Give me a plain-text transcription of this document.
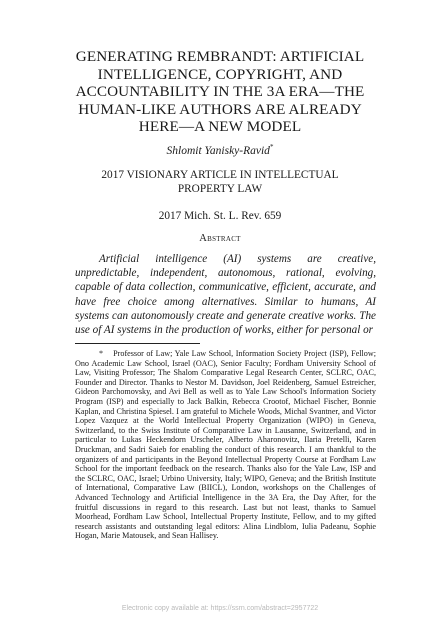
GENERATING REMBRANDT: ARTIFICIAL INTELLIGENCE, COPYRIGHT, AND ACCOUNTABILITY IN THE 3A ERA—THE HUMAN-LIKE AUTHORS ARE ALREADY HERE—A NEW MODEL
Shlomit Yanisky-Ravid*
2017 VISIONARY ARTICLE IN INTELLECTUAL PROPERTY LAW
2017 Mich. St. L. Rev. 659
Abstract

Artificial intelligence (AI) systems are creative, unpredictable, independent, autonomous, rational, evolving, capable of data collection, communicative, efficient, accurate, and have free choice among alternatives. Similar to humans, AI systems can autonomously create and generate creative works. The use of AI systems in the production of works, either for personal or

* Professor of Law; Yale Law School, Information Society Project (ISP), Fellow; Ono Academic Law School, Israel (OAC), Senior Faculty; Fordham University School of Law, Visiting Professor; The Shalom Comparative Legal Research Center, SCLRC, OAC, Founder and Director. Thanks to Nestor M. Davidson, Joel Reidenberg, Samuel Estreicher, Gideon Parchomovsky, and Avi Bell as well as to Yale Law School's Information Society Program (ISP) and especially to Jack Balkin, Rebecca Crootof, Michael Fischer, Bonnie Kaplan, and Christina Spiesel. I am grateful to Michele Woods, Michal Svantner, and Victor Lopez Vazquez at the World Intellectual Property Organization (WIPO) in Geneva, Switzerland, to the Swiss Institute of Comparative Law in Lausanne, Switzerland, and in particular to Lukas Heckendorn Urscheler, Alberto Aharonovitz, Ilaria Pretelli, Karen Druckman, and Sadri Saieb for enabling the conduct of this research. I am thankful to the organizers of and participants in the Beyond Intellectual Property Course at Fordham Law School for the important feedback on the research. Thanks also for the Yale Law, ISP and the SCLRC, OAC, Israel; Urbino University, Italy; WIPO, Geneva; and the British Institute of International, Comparative Law (BIICL), London, workshops on the Challenges of Advanced Technology and Artificial Intelligence in the 3A Era, the Day After, for the fruitful discussions in regard to this research. Last but not least, thanks to Samuel Moorhead, Fordham Law School, Intellectual Property Institute, Fellow, and to my gifted research assistants and outstanding legal editors: Alina Lindblom, Iulia Padeanu, Sophie Hogan, Marie Matousek, and Sean Hallisey.

Electronic copy available at: https://ssrn.com/abstract=2957722
